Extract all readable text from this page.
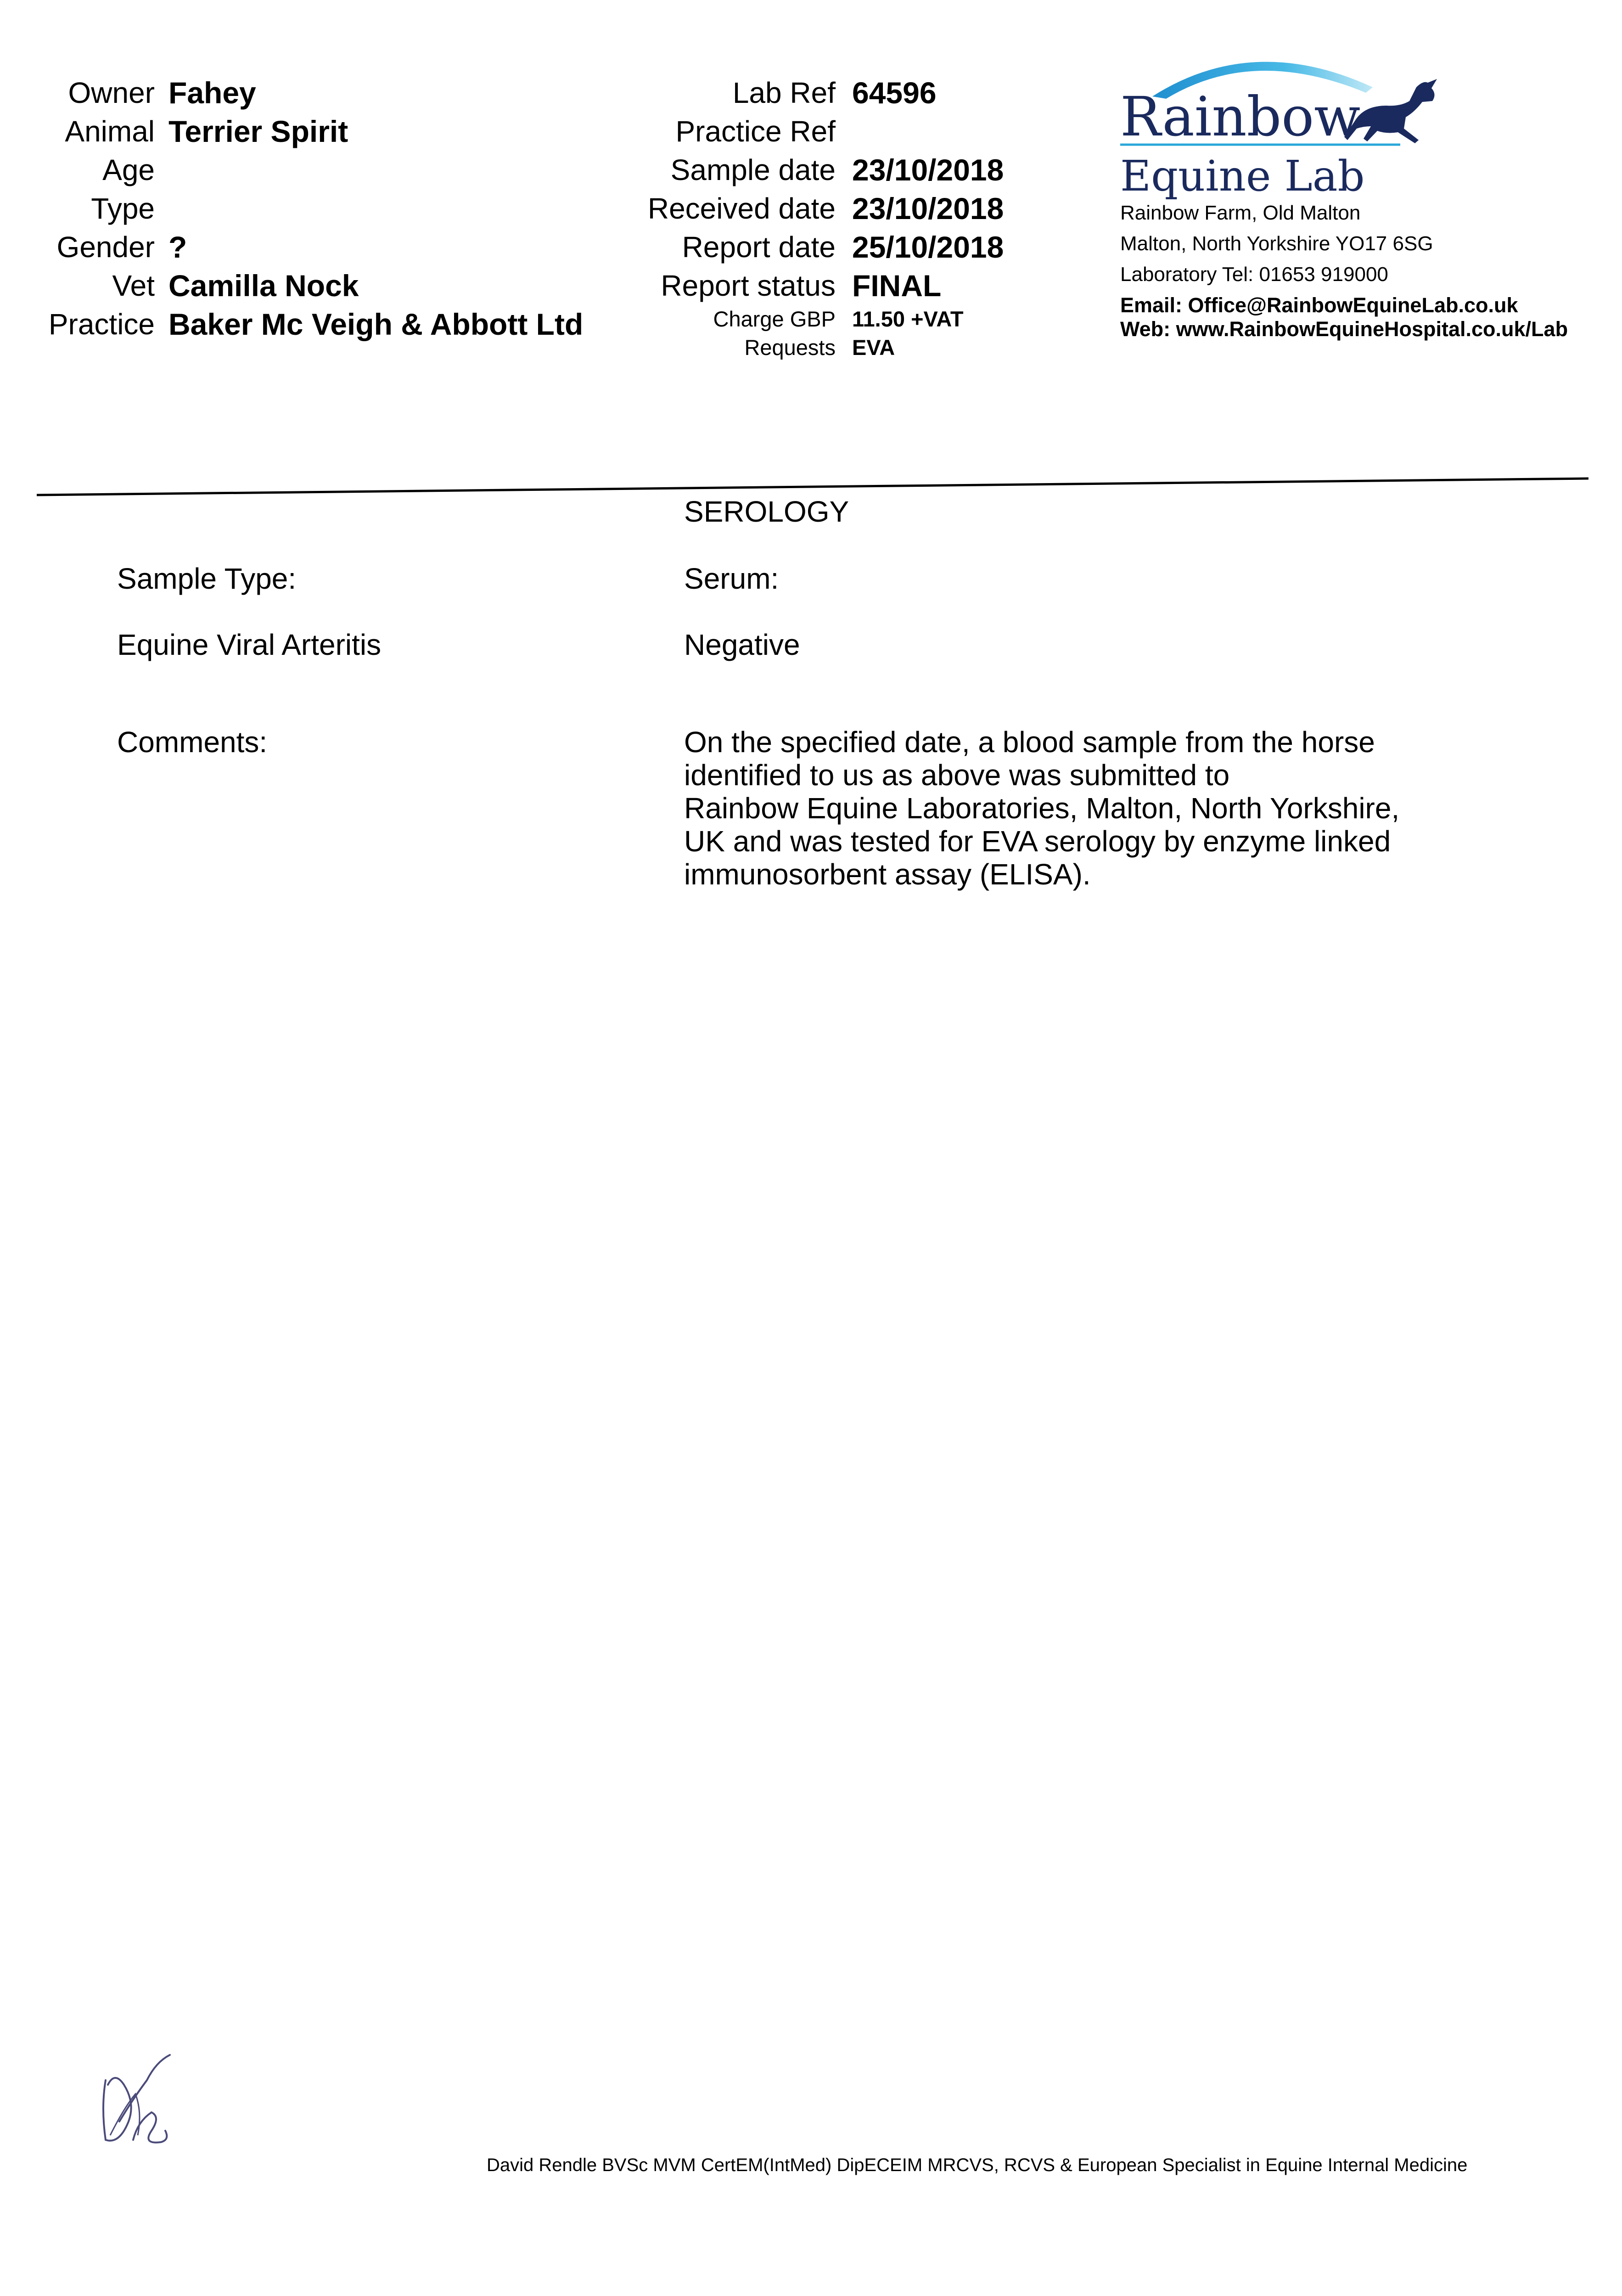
Owner Fahey
Animal Terrier Spirit
Age
Type
Gender ?
Vet Camilla Nock
Practice Baker Mc Veigh & Abbott Ltd
Lab Ref 64596
Practice Ref
Sample date 23/10/2018
Received date 23/10/2018
Report date 25/10/2018
Report status FINAL
Charge GBP 11.50 +VAT
Requests EVA
Rainbow
Equine Lab
Rainbow Farm, Old Malton
Malton, North Yorkshire YO17 6SG
Laboratory Tel: 01653 919000
Email: Office@RainbowEquineLab.co.uk
Web: www.RainbowEquineHospital.co.uk/Lab
SEROLOGY
Sample Type:	Serum:
Equine Viral Arteritis	Negative
Comments:	On the specified date, a blood sample from the horse
identified to us as above was submitted to
Rainbow Equine Laboratories, Malton, North Yorkshire,
UK and was tested for EVA serology by enzyme linked
immunosorbent assay (ELISA).
David Rendle BVSc MVM CertEM(IntMed) DipECEIM MRCVS, RCVS & European Specialist in Equine Internal Medicine
